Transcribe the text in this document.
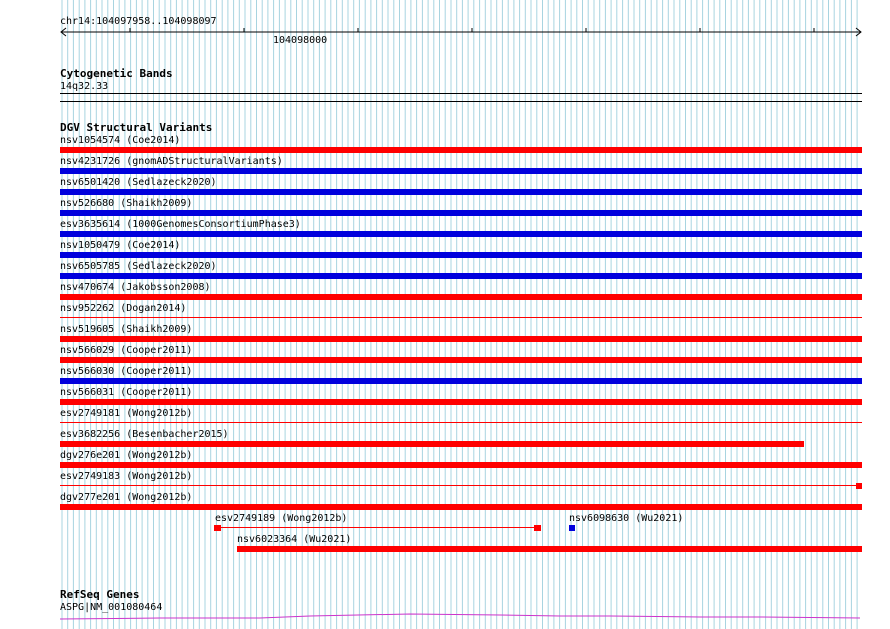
chr14:104097958..104098097
104098000
Cytogenetic Bands
14q32.33
DGV Structural Variants
nsv1054574 (Coe2014)
nsv4231726 (gnomADStructuralVariants)
nsv6501420 (Sedlazeck2020)
nsv526680 (Shaikh2009)
esv3635614 (1000GenomesConsortiumPhase3)
nsv1050479 (Coe2014)
nsv6505785 (Sedlazeck2020)
nsv470674 (Jakobsson2008)
nsv952262 (Dogan2014)
nsv519605 (Shaikh2009)
nsv566029 (Cooper2011)
nsv566030 (Cooper2011)
nsv566031 (Cooper2011)
esv2749181 (Wong2012b)
esv3682256 (Besenbacher2015)
dgv276e201 (Wong2012b)
esv2749183 (Wong2012b)
dgv277e201 (Wong2012b)
esv2749189 (Wong2012b)	nsv6098630 (Wu2021)
nsv6023364 (Wu2021)
RefSeq Genes
ASPG|NM_001080464
